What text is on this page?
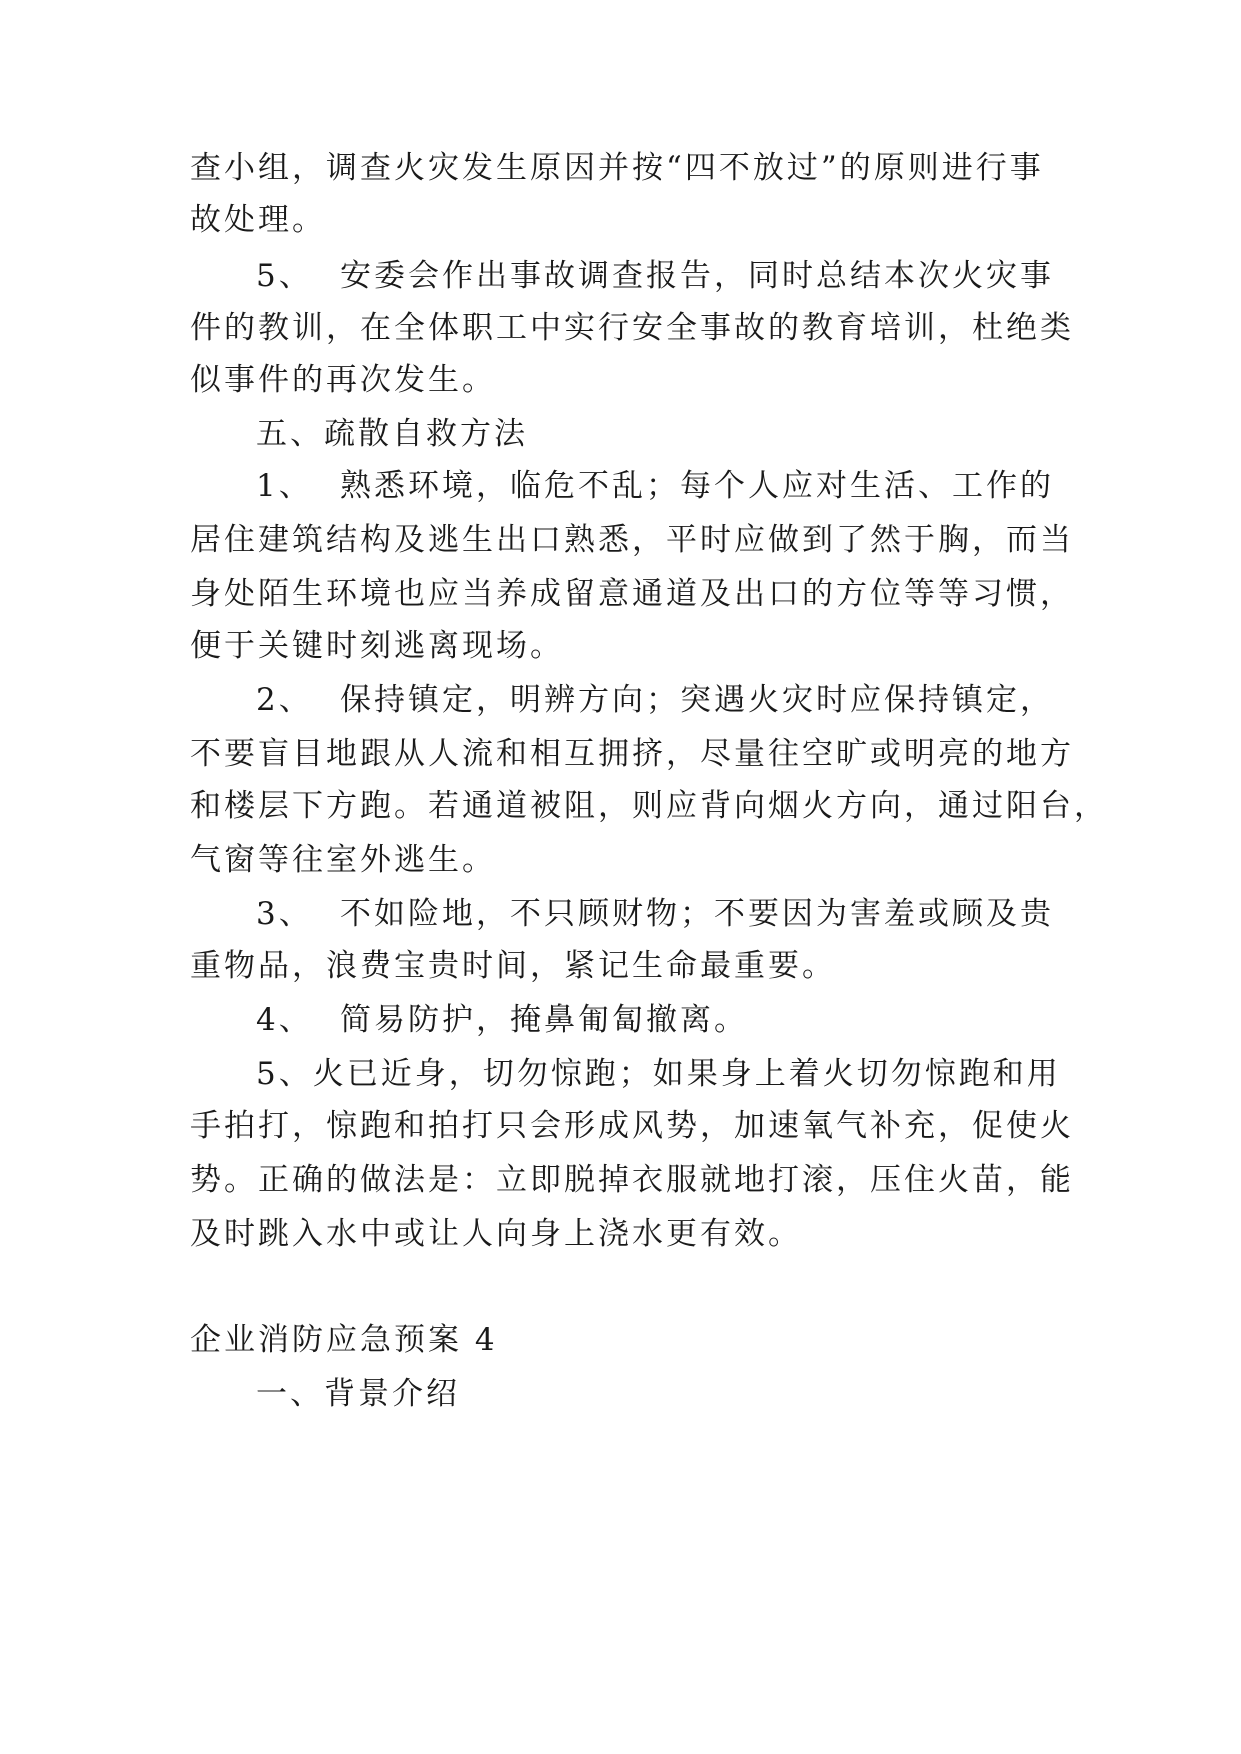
查小组，调查火灾发生原因并按“四不放过”的原则进行事
故处理。
5、 安委会作出事故调查报告，同时总结本次火灾事
件的教训，在全体职工中实行安全事故的教育培训，杜绝类
似事件的再次发生。
五、疏散自救方法
1、 熟悉环境，临危不乱；每个人应对生活、工作的
居住建筑结构及逃生出口熟悉，平时应做到了然于胸，而当
身处陌生环境也应当养成留意通道及出口的方位等等习惯，
便于关键时刻逃离现场。
2、 保持镇定，明辨方向；突遇火灾时应保持镇定，
不要盲目地跟从人流和相互拥挤，尽量往空旷或明亮的地方
和楼层下方跑。若通道被阻，则应背向烟火方向，通过阳台，
气窗等往室外逃生。
3、 不如险地，不只顾财物；不要因为害羞或顾及贵
重物品，浪费宝贵时间，紧记生命最重要。
4、 简易防护，掩鼻匍匐撤离。
5、火已近身，切勿惊跑；如果身上着火切勿惊跑和用
手拍打，惊跑和拍打只会形成风势，加速氧气补充，促使火
势。正确的做法是：立即脱掉衣服就地打滚，压住火苗，能
及时跳入水中或让人向身上浇水更有效。
企业消防应急预案 4
一、背景介绍
